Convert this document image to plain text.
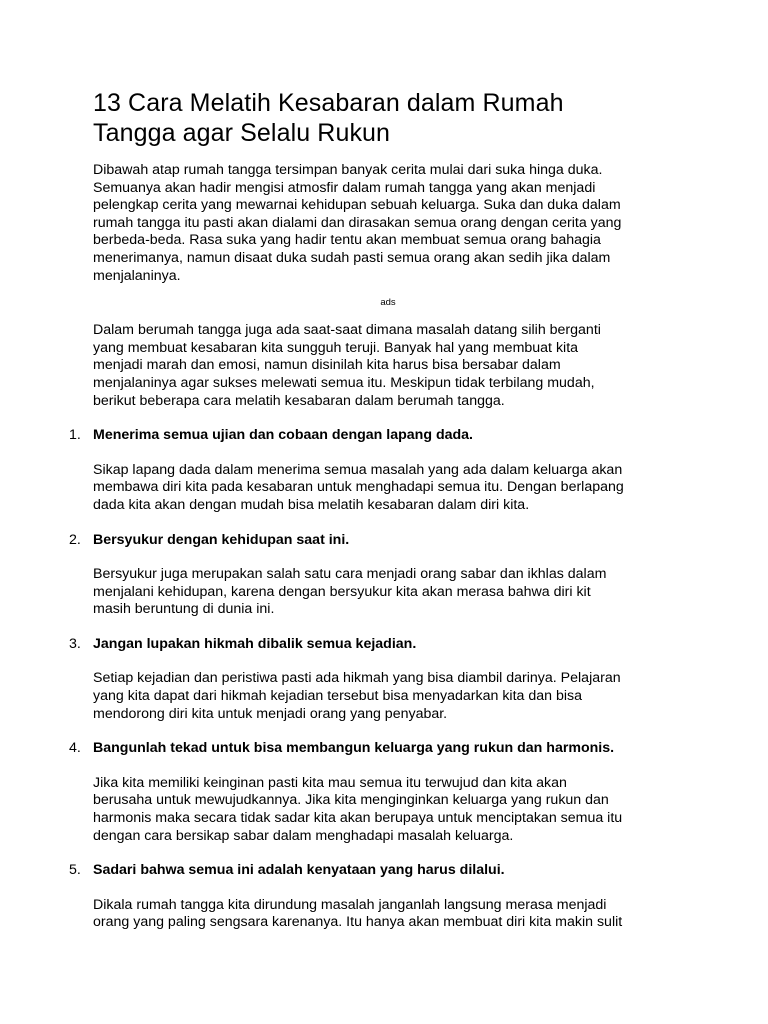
13 Cara Melatih Kesabaran dalam Rumah
Tangga agar Selalu Rukun

Dibawah atap rumah tangga tersimpan banyak cerita mulai dari suka hinga duka.
Semuanya akan hadir mengisi atmosfir dalam rumah tangga yang akan menjadi
pelengkap cerita yang mewarnai kehidupan sebuah keluarga. Suka dan duka dalam
rumah tangga itu pasti akan dialami dan dirasakan semua orang dengan cerita yang
berbeda-beda. Rasa suka yang hadir tentu akan membuat semua orang bahagia
menerimanya, namun disaat duka sudah pasti semua orang akan sedih jika dalam
menjalaninya.

ads

Dalam berumah tangga juga ada saat-saat dimana masalah datang silih berganti
yang membuat kesabaran kita sungguh teruji. Banyak hal yang membuat kita
menjadi marah dan emosi, namun disinilah kita harus bisa bersabar dalam
menjalaninya agar sukses melewati semua itu. Meskipun tidak terbilang mudah,
berikut beberapa cara melatih kesabaran dalam berumah tangga.

1. Menerima semua ujian dan cobaan dengan lapang dada.

Sikap lapang dada dalam menerima semua masalah yang ada dalam keluarga akan
membawa diri kita pada kesabaran untuk menghadapi semua itu. Dengan berlapang
dada kita akan dengan mudah bisa melatih kesabaran dalam diri kita.

2. Bersyukur dengan kehidupan saat ini.

Bersyukur juga merupakan salah satu cara menjadi orang sabar dan ikhlas dalam
menjalani kehidupan, karena dengan bersyukur kita akan merasa bahwa diri kit
masih beruntung di dunia ini.

3. Jangan lupakan hikmah dibalik semua kejadian.

Setiap kejadian dan peristiwa pasti ada hikmah yang bisa diambil darinya. Pelajaran
yang kita dapat dari hikmah kejadian tersebut bisa menyadarkan kita dan bisa
mendorong diri kita untuk menjadi orang yang penyabar.

4. Bangunlah tekad untuk bisa membangun keluarga yang rukun dan harmonis.

Jika kita memiliki keinginan pasti kita mau semua itu terwujud dan kita akan
berusaha untuk mewujudkannya. Jika kita menginginkan keluarga yang rukun dan
harmonis maka secara tidak sadar kita akan berupaya untuk menciptakan semua itu
dengan cara bersikap sabar dalam menghadapi masalah keluarga.

5. Sadari bahwa semua ini adalah kenyataan yang harus dilalui.

Dikala rumah tangga kita dirundung masalah janganlah langsung merasa menjadi
orang yang paling sengsara karenanya. Itu hanya akan membuat diri kita makin sulit
